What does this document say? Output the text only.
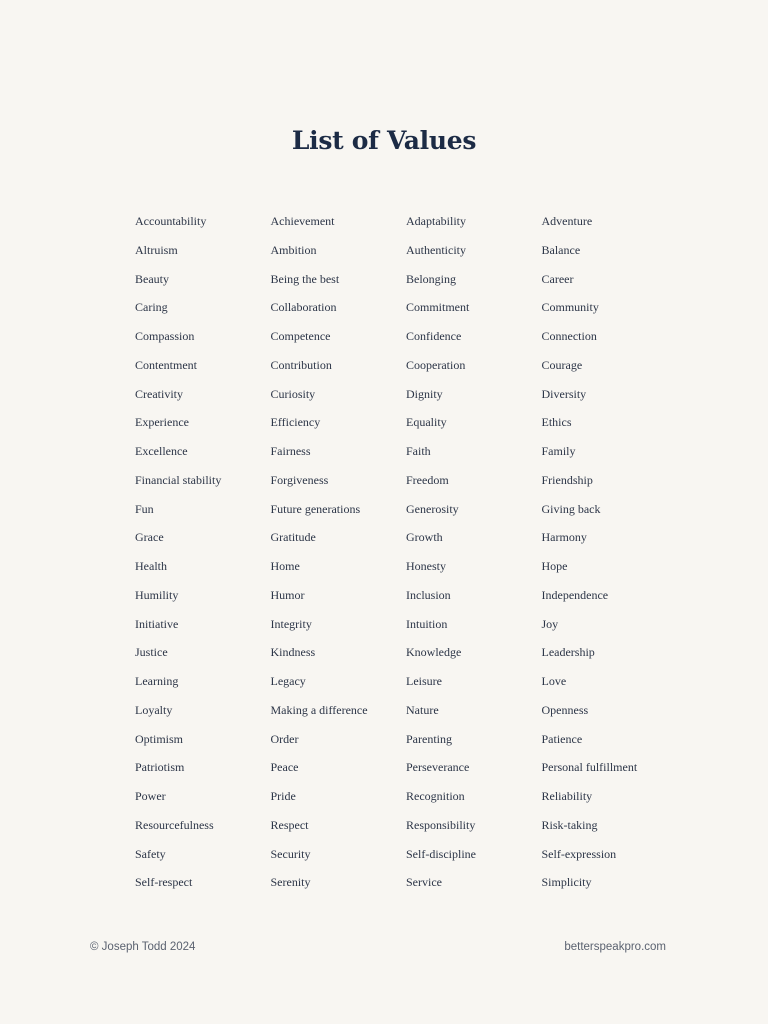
List of Values
Accountability	Achievement	Adaptability	Adventure
Altruism	Ambition	Authenticity	Balance
Beauty	Being the best	Belonging	Career
Caring	Collaboration	Commitment	Community
Compassion	Competence	Confidence	Connection
Contentment	Contribution	Cooperation	Courage
Creativity	Curiosity	Dignity	Diversity
Experience	Efficiency	Equality	Ethics
Excellence	Fairness	Faith	Family
Financial stability	Forgiveness	Freedom	Friendship
Fun	Future generations	Generosity	Giving back
Grace	Gratitude	Growth	Harmony
Health	Home	Honesty	Hope
Humility	Humor	Inclusion	Independence
Initiative	Integrity	Intuition	Joy
Justice	Kindness	Knowledge	Leadership
Learning	Legacy	Leisure	Love
Loyalty	Making a difference	Nature	Openness
Optimism	Order	Parenting	Patience
Patriotism	Peace	Perseverance	Personal fulfillment
Power	Pride	Recognition	Reliability
Resourcefulness	Respect	Responsibility	Risk-taking
Safety	Security	Self-discipline	Self-expression
Self-respect	Serenity	Service	Simplicity
© Joseph Todd 2024	betterspeakpro.com
